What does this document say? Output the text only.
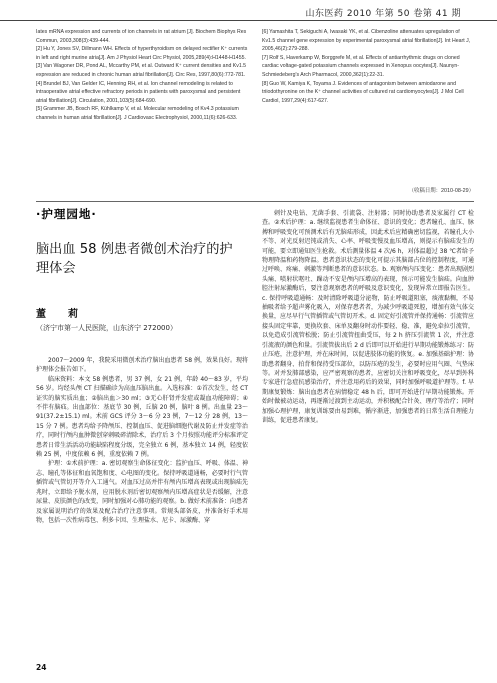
山东医药 2010 年第 50 卷第 41 期

Iates mRNA expression and currents of ion channels in rat atrium [J]. Biochem Biophys Res Commun, 2003,308(3):439-444.

[2] Hu Y, Jones SV, Dillmann WH. Effects of hyperthyroidism on delayed rectifier K⁺ currents in left and right murine atria[J]. Am J Physiol Heart Circ Physiol, 2005,289(4):H1448-H1455.

[3] Van Wagoner DR, Pond AL, Mccarthy PM, et al. Outward K⁺ current densities and Kv1.5 expression are reduced in chronic human atrial fibrillation[J]. Circ Res, 1997,80(6):772-781.

[4] Brundel BJ, Van Gelder IC, Henning RH, et al. Ion channel remodeling is related to intraoperative atrial effective refractory periods in patients with paroxysmal and persistent atrial fibrillation[J]. Circulation, 2001,103(5):684-690.

[5] Grammer JB, Bosch RF, Kühlkamp V, et al. Molecular remodeling of Kv4.3 potassium channels in human atrial fibrillation[J]. J Cardiovasc Electrophysiol, 2000,11(6):626-633.

[6] Yamashita T, Sekiguchi A, Iwasaki YK, et al. Cibenzoline attenuates upregulation of Kv1.5 channel gene expression by experimental paroxysmal atrial fibrillation[J]. Int Heart J, 2005,46(2):279-288.

[7] Rolf S, Haverkamp W, Borggrefe M, et al. Effects of antiarrhythmic drugs on cloned cardiac voltage-gated potassium channels expressed in Xenopus oocytes[J]. Naunyn-Schmiedeberg's Arch Pharmacol, 2000,362(1):22-31.

[8] Guo W, Kamiya K, Toyama J. Evidences of antagonism between amiodarone and triiodothyronine on the K⁺ channel activities of cultured rat cardiomyocytes[J]. J Mol Cell Cardiol, 1997,29(4):617-627.

（收稿日期：2010-08-29）
·护理园地·
脑出血 58 例患者微创术治疗的护理体会
董　莉
（济宁市第一人民医院，山东济宁 272000）

2007～2009 年，我院采用微创术治疗脑出血患者 58 例，效果良好。现将护理体会报告如下。

临床资料：本文 58 例患者，男 37 例，女 21 例，年龄 40～83 岁，平均 56 岁。均经头颅 CT 扫描确诊为高血压脑出血。入选标准：①首次发生，经 CT 证实的脑实质出血；②脑出血＞30 ml；③无心肝肾并发症或凝血功能障碍；④不伴有脑疝。出血部位：基底节 30 例，丘脑 20 例，脑叶 8 例。出血量 23～91(37.2±15.1) ml。术前 GCS 评分 3～6 分 23 例，7～12 分 28 例，13～15 分 7 例。患者均给予降颅压、控制血压、促进脑细胞代谢及防止并发症等治疗，同时行颅内血肿微创穿刺吸碎清除术，治疗后 3 个月按照功能评分标准评定患者日常生活活动功能缺陷程度分级，完全独立 6 例，基本独立 14 例，轻度依赖 25 例，中度依赖 6 例，重度依赖 7 例。

护理：①术前护理：a. 密切观察生命体征变化：监护血压、呼吸、体温、神志、瞳孔等体征和血氧饱和度、心电图的变化。保持呼吸道通畅，必要时行气管插管或气管切开等介入工通气。对血压过高并伴有颅内压增高表现或出现脑疝先兆时，立即给予脱水剂，应用脱水剂后密切观察颅内压增高症状是否缓解，注意尿量、皮肤颜色的改变，同时加强对心肺功能的观察。b. 做好术前准备：向患者及家属说明治疗的效果及配合治疗注意事项。常规头部备皮，并准备好手术用物，包括一次性病毒包、利多卡因、生理盐水、尼卡、尿激酶、穿

刺针及电钻、无菌手套、引流袋、注射器；同时协助患者及家属行 CT 检查。②术后护理：a. 继续监视患者生命体征、意识的变化；患者瞳孔、血压、脉搏和呼吸变化可预测术后有无脑疝形成，因此术后应精确密切监视，若瞳孔大小不等、对光反射迟钝或消失、心率、呼吸变慢及血压增高，则提示有脑疝发生的可能，要立即通知医生抢救。术后测量体温 4 次/6 h，对体温超过 38 ℃者给予物理降温和药物降温。患者意识状态的变化可提示其脑部占位的控制程度，可通过呼唤、疼痛、刺激等判断患者的意识状态。b. 观察颅内压变化：患者出现剧烈头痛、喷射状呕吐、躁动不安是颅内压增高的表现，预示可能发生脑疝。向血肿腔注射尿激酶后，要注意观察患者的呼吸及意识变化，发现异常立即报告医生。c. 保持呼吸道通畅：及时清除呼吸道分泌物，防止呼吸道阻塞，痰液黏稠，不易抽吸者给予超声雾化吸入，对保存患者者，为减少呼吸道死腔，增加有效气体交换量，应尽早行气管插管或气管切开术。d. 固定好引流管并保持通畅：引流管应接头固定牢靠，更换坎套、床单及翻身时动作要轻、稳、准，避免牵拉引流管，以免造成引流管松脱；防止引流管扭曲受压，每 2 h 挤压引流管 1 次，并注意引流液的颜色和量。引流管拔出后 2 d 后即可以开始进行早期功能锻炼练习：防止压疮，注意护理，并在床时间，以促进肢体功能的恢复。e. 加强基础护理：协助患者翻身、拍背和保持受压部位，以防压疮的发生，必要时应用气圈、气垫床等。对并发肺部感染，应严密观察的患者，应密切关注和呼吸变化，尽早到外科专家进行急症抗感染治疗，并注意用药后的效果，同时加强呼吸道护理等。f. 早期康复锻炼：脑出血患者在病情稳定 48 h 后，即可开始进行早期功能锻炼。开始时做被动运动，再逐渐过渡到主动运动，并积极配合针灸、理疗等治疗；同时加强心理护理，康复训练要由易到难，循序渐进，加强患者的日常生活自理能力训练，促进患者康复。

24
